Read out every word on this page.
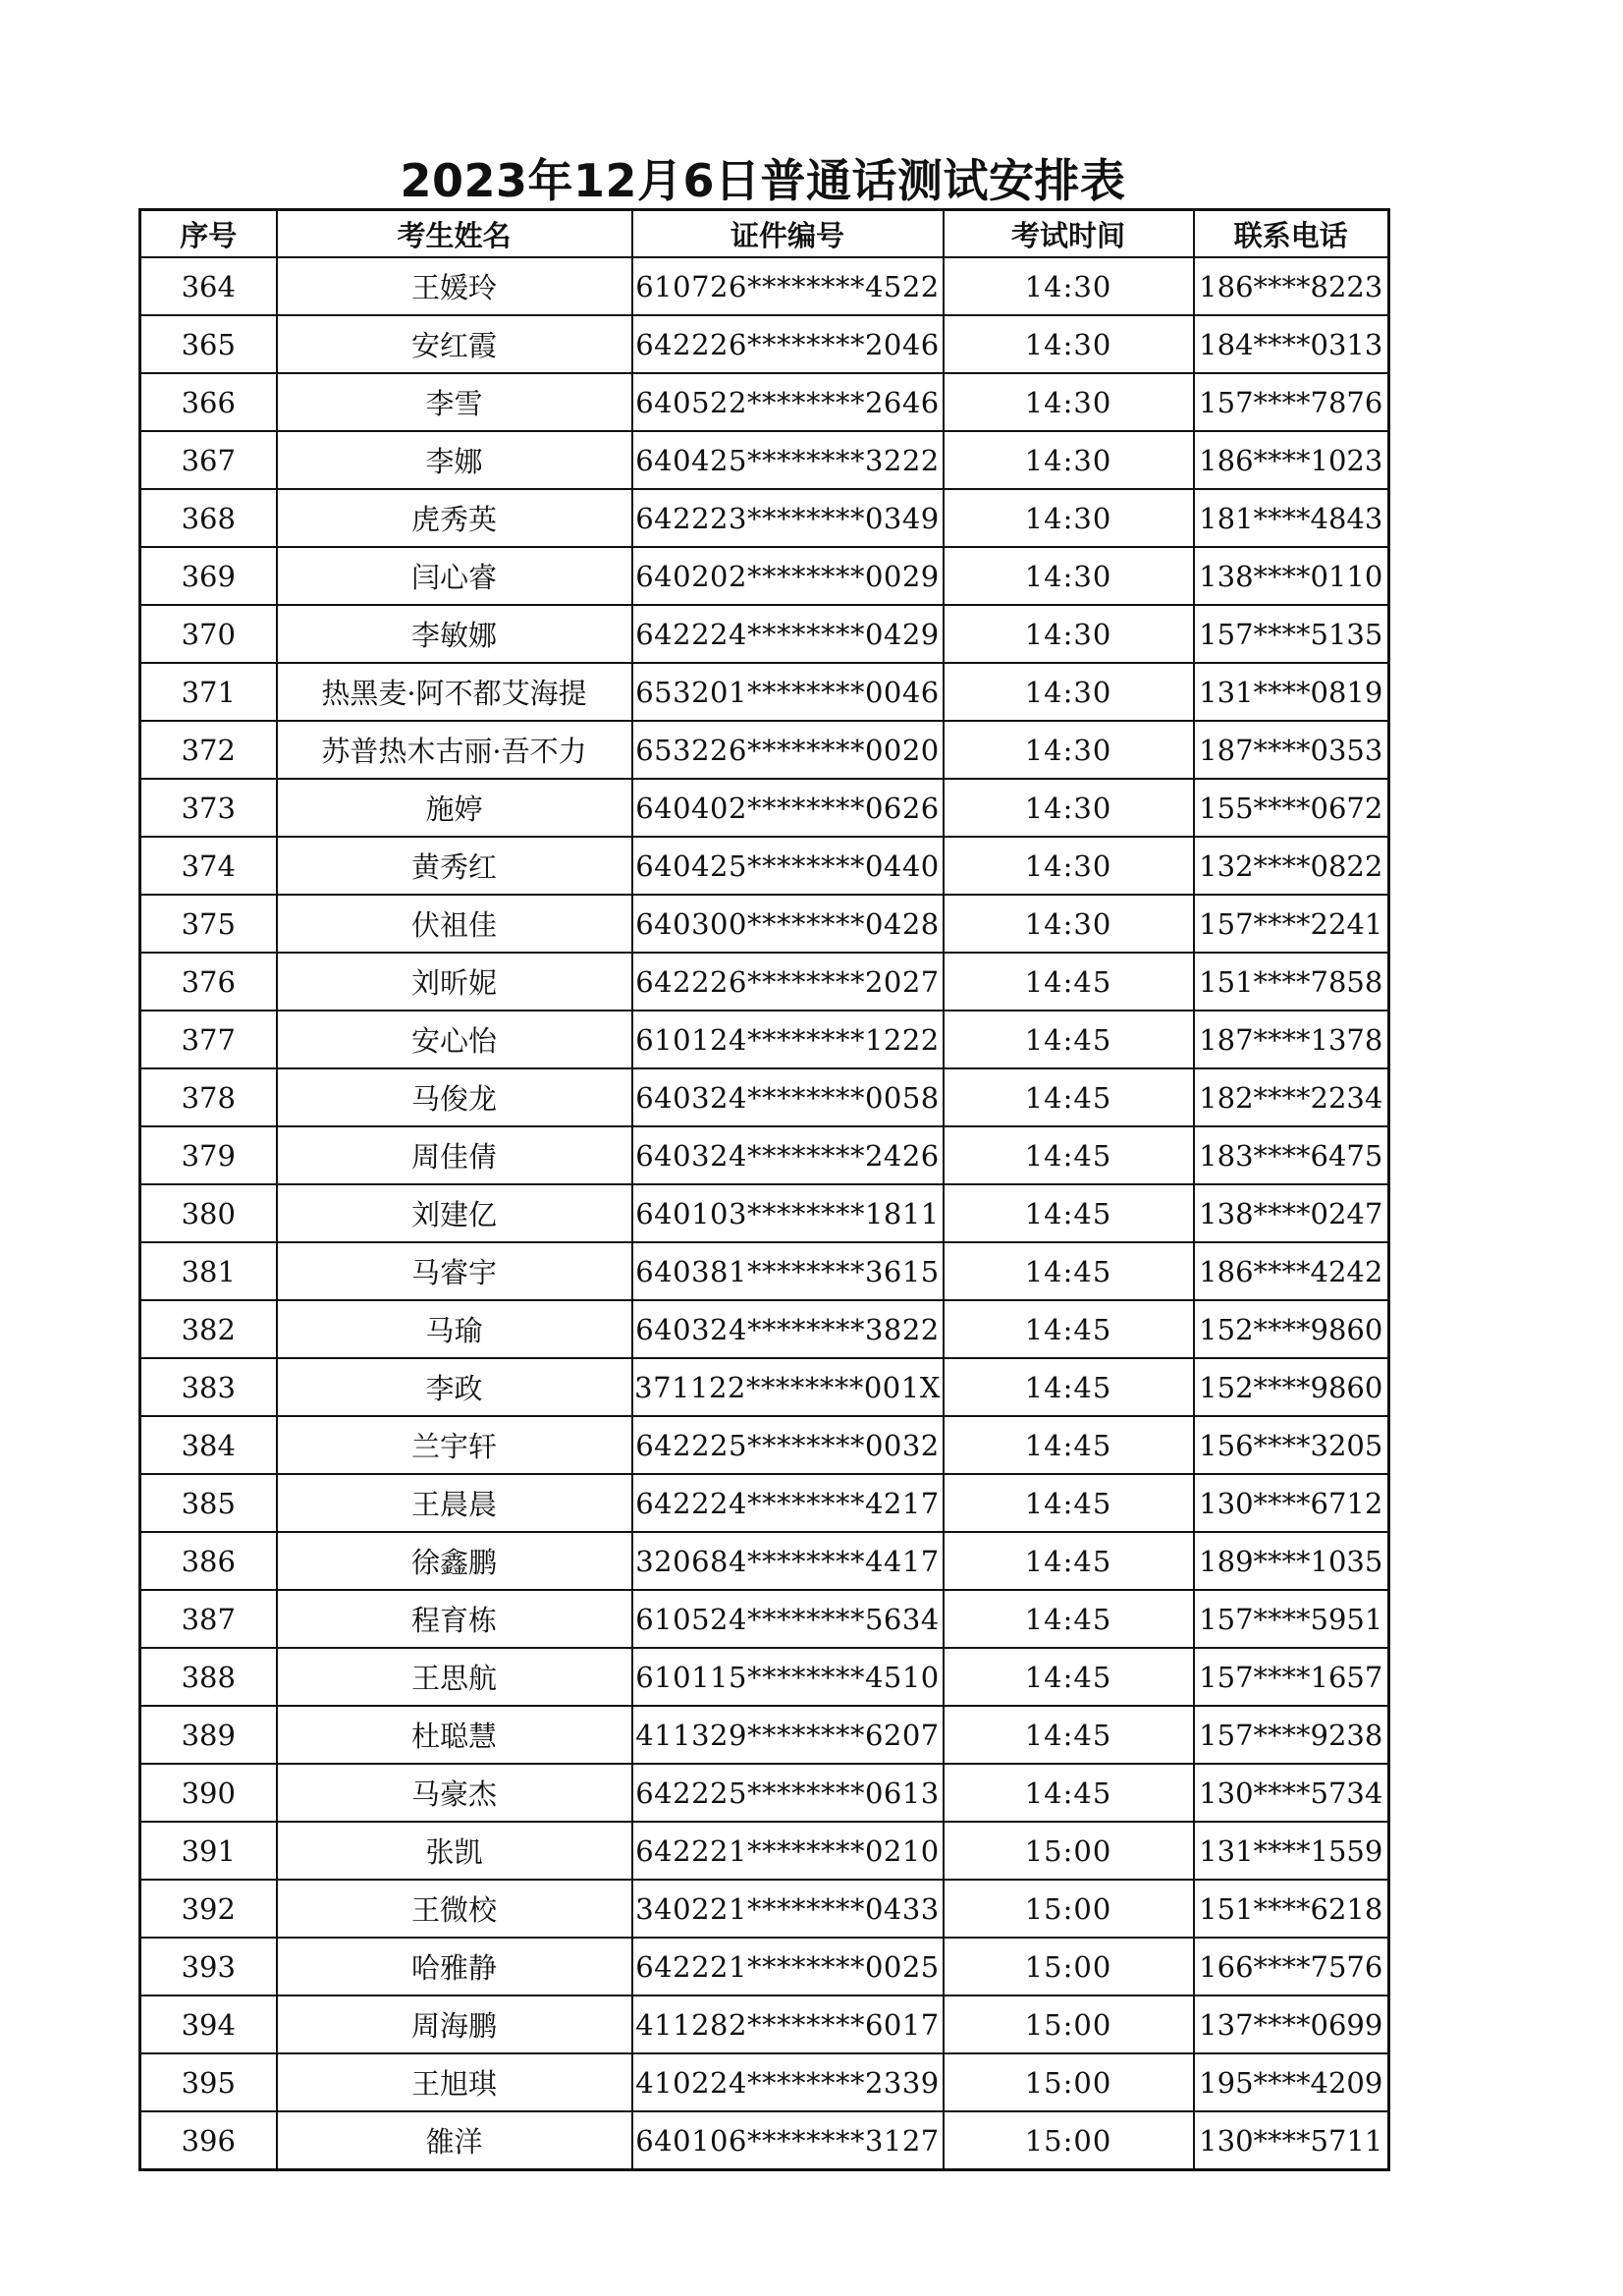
2023年12月6日普通话测试安排表
序号	考生姓名	证件编号	考试时间	联系电话
364	王媛玲	610726********4522	14:30	186****8223
365	安红霞	642226********2046	14:30	184****0313
366	李雪	640522********2646	14:30	157****7876
367	李娜	640425********3222	14:30	186****1023
368	虎秀英	642223********0349	14:30	181****4843
369	闫心睿	640202********0029	14:30	138****0110
370	李敏娜	642224********0429	14:30	157****5135
371	热黑麦·阿不都艾海提	653201********0046	14:30	131****0819
372	苏普热木古丽·吾不力	653226********0020	14:30	187****0353
373	施婷	640402********0626	14:30	155****0672
374	黄秀红	640425********0440	14:30	132****0822
375	伏祖佳	640300********0428	14:30	157****2241
376	刘昕妮	642226********2027	14:45	151****7858
377	安心怡	610124********1222	14:45	187****1378
378	马俊龙	640324********0058	14:45	182****2234
379	周佳倩	640324********2426	14:45	183****6475
380	刘建亿	640103********1811	14:45	138****0247
381	马睿宇	640381********3615	14:45	186****4242
382	马瑜	640324********3822	14:45	152****9860
383	李政	371122********001X	14:45	152****9860
384	兰宇轩	642225********0032	14:45	156****3205
385	王晨晨	642224********4217	14:45	130****6712
386	徐鑫鹏	320684********4417	14:45	189****1035
387	程育栋	610524********5634	14:45	157****5951
388	王思航	610115********4510	14:45	157****1657
389	杜聪慧	411329********6207	14:45	157****9238
390	马豪杰	642225********0613	14:45	130****5734
391	张凯	642221********0210	15:00	131****1559
392	王微校	340221********0433	15:00	151****6218
393	哈雅静	642221********0025	15:00	166****7576
394	周海鹏	411282********6017	15:00	137****0699
395	王旭琪	410224********2339	15:00	195****4209
396	雒洋	640106********3127	15:00	130****5711
